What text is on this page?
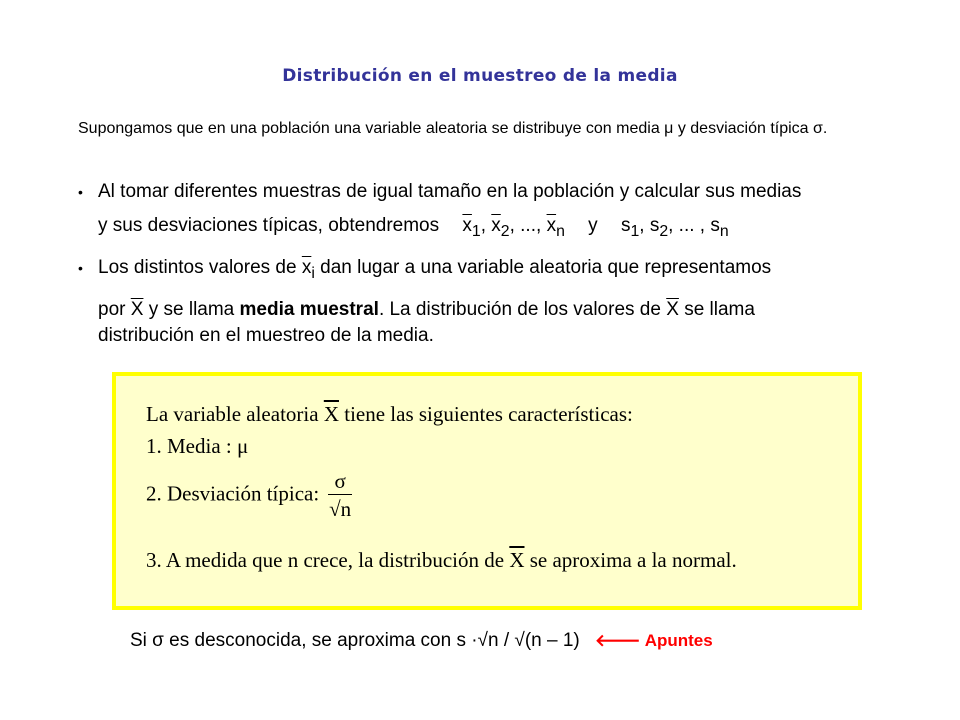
Distribución en el muestreo de la media
Supongamos que en una población una variable aleatoria se distribuye con media μ y desviación típica σ.
• Al tomar diferentes muestras de igual tamaño en la población y calcular sus medias
y sus desviaciones típicas, obtendremos $\overline{x}_1$, $\overline{x}_2$, ..., $\overline{x}_n$ y $s_1$, $s_2$, ... , $s_n$
• Los distintos valores de $\overline{x}_i$ dan lugar a una variable aleatoria que representamos
por $\overline{X}$ y se llama media muestral. La distribución de los valores de $\overline{X}$ se llama
distribución en el muestreo de la media.
La variable aleatoria $\overline{X}$ tiene las siguientes características:
1. Media : μ
2. Desviación típica: $\frac{\sigma}{√n}$
3. A medida que n crece, la distribución de $\overline{X}$ se aproxima a la normal.
Si σ es desconocida, se aproxima con s ·√n / √(n – 1) 🡐 Apuntes
